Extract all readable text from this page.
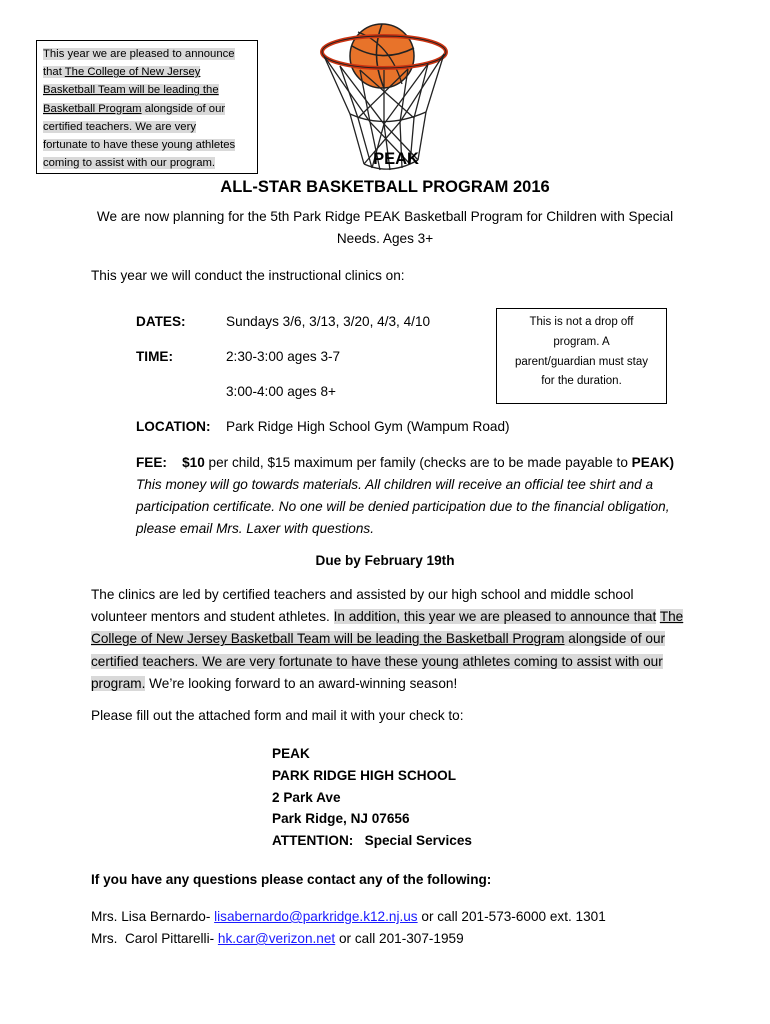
This year we are pleased to announce
that The College of New Jersey
Basketball Team will be leading the
Basketball Program alongside of our
certified teachers. We are very
fortunate to have these young athletes
coming to assist with our program.	PEAK
ALL-STAR BASKETBALL PROGRAM 2016
We are now planning for the 5th Park Ridge PEAK Basketball Program for Children with Special Needs. Ages 3+
This year we will conduct the instructional clinics on:
DATES:	Sundays 3/6, 3/13, 3/20, 4/3, 4/10
TIME:	2:30-3:00 ages 3-7
3:00-4:00 ages 8+
LOCATION: Park Ridge High School Gym (Wampum Road)
This is not a drop off
program. A
parent/guardian must stay
for the duration.
FEE: $10 per child, $15 maximum per family (checks are to be made payable to PEAK) This money will go towards materials. All children will receive an official tee shirt and a participation certificate. No one will be denied participation due to the financial obligation, please email Mrs. Laxer with questions.
Due by February 19th
The clinics are led by certified teachers and assisted by our high school and middle school volunteer mentors and student athletes. In addition, this year we are pleased to announce that The College of New Jersey Basketball Team will be leading the Basketball Program alongside of our certified teachers. We are very fortunate to have these young athletes coming to assist with our program. We’re looking forward to an award-winning season!
Please fill out the attached form and mail it with your check to:
PEAK
PARK RIDGE HIGH SCHOOL
2 Park Ave
Park Ridge, NJ 07656
ATTENTION:   Special Services
If you have any questions please contact any of the following:
Mrs. Lisa Bernardo- lisabernardo@parkridge.k12.nj.us or call 201-573-6000 ext. 1301
Mrs.  Carol Pittarelli- hk.car@verizon.net or call 201-307-1959
